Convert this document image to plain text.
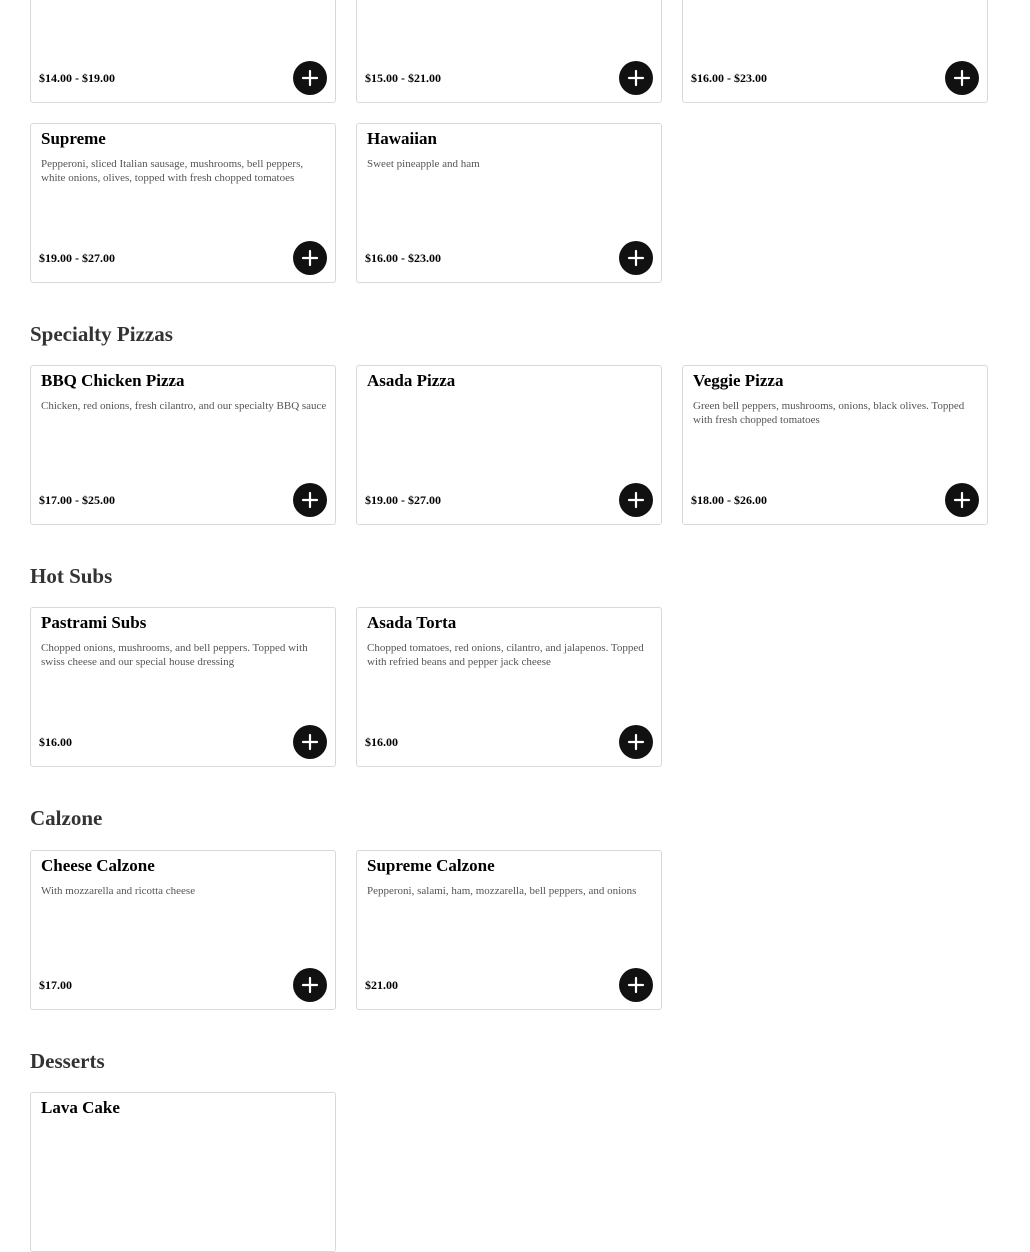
$14.00 - $19.00	$15.00 - $21.00	$16.00 - $23.00
Supreme
Pepperoni, sliced Italian sausage, mushrooms, bell peppers, white onions, olives, topped with fresh chopped tomatoes
$19.00 - $27.00
Hawaiian
Sweet pineapple and ham
$16.00 - $23.00
Specialty Pizzas
BBQ Chicken Pizza
Chicken, red onions, fresh cilantro, and our specialty BBQ sauce
$17.00 - $25.00
Asada Pizza
$19.00 - $27.00
Veggie Pizza
Green bell peppers, mushrooms, onions, black olives. Topped with fresh chopped tomatoes
$18.00 - $26.00
Hot Subs
Pastrami Subs
Chopped onions, mushrooms, and bell peppers. Topped with swiss cheese and our special house dressing
$16.00
Asada Torta
Chopped tomatoes, red onions, cilantro, and jalapenos. Topped with refried beans and pepper jack cheese
$16.00
Calzone
Cheese Calzone
With mozzarella and ricotta cheese
$17.00
Supreme Calzone
Pepperoni, salami, ham, mozzarella, bell peppers, and onions
$21.00
Desserts
Lava Cake
